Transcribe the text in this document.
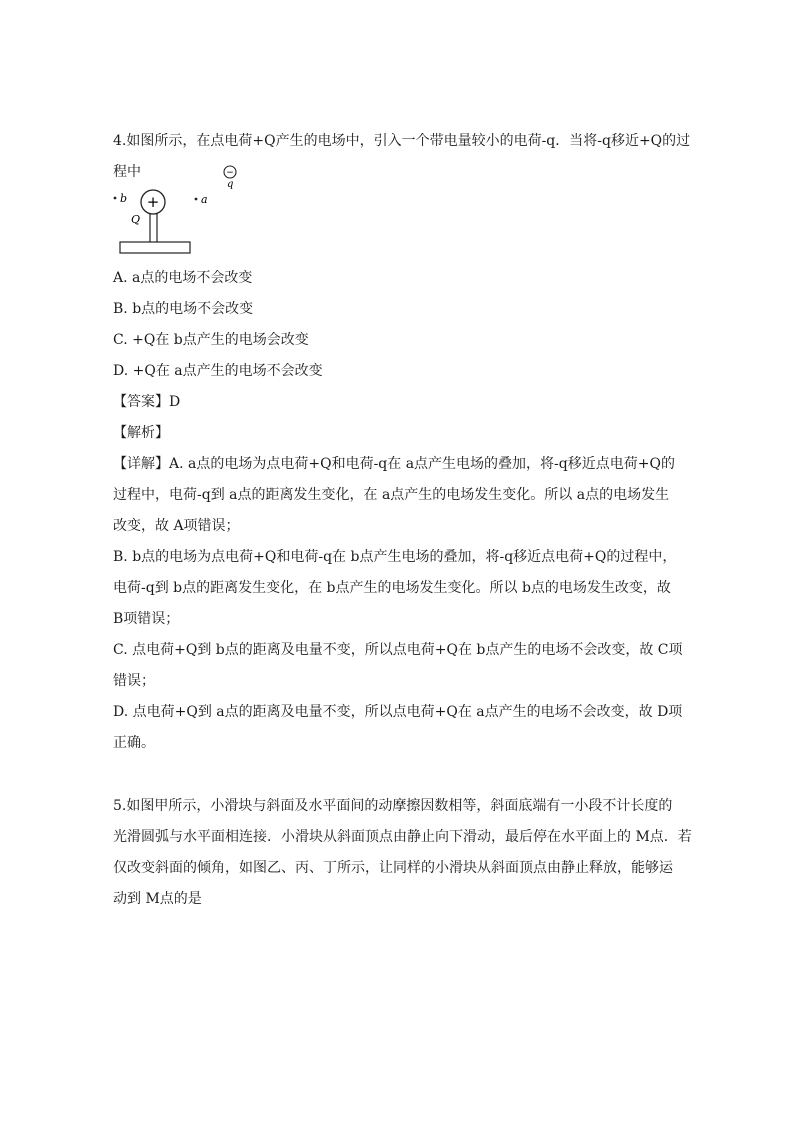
4.如图所示，在点电荷+Q产生的电场中，引入一个带电量较小的电荷-q．当将-q移近+Q的过
程中
+
b
Q
a
−
q
A. a点的电场不会改变
B. b点的电场不会改变
C. +Q在 b点产生的电场会改变
D. +Q在 a点产生的电场不会改变
【答案】D
【解析】
【详解】A. a点的电场为点电荷+Q和电荷-q在 a点产生电场的叠加，将-q移近点电荷+Q的
过程中，电荷-q到 a点的距离发生变化，在 a点产生的电场发生变化。所以 a点的电场发生
改变，故 A项错误；
B. b点的电场为点电荷+Q和电荷-q在 b点产生电场的叠加，将-q移近点电荷+Q的过程中，
电荷-q到 b点的距离发生变化，在 b点产生的电场发生变化。所以 b点的电场发生改变，故
B项错误；
C. 点电荷+Q到 b点的距离及电量不变，所以点电荷+Q在 b点产生的电场不会改变，故 C项
错误；
D. 点电荷+Q到 a点的距离及电量不变，所以点电荷+Q在 a点产生的电场不会改变，故 D项
正确。
5.如图甲所示，小滑块与斜面及水平面间的动摩擦因数相等，斜面底端有一小段不计长度的
光滑圆弧与水平面相连接．小滑块从斜面顶点由静止向下滑动，最后停在水平面上的 M点．若
仅改变斜面的倾角，如图乙、丙、丁所示，让同样的小滑块从斜面顶点由静止释放，能够运
动到 M点的是
